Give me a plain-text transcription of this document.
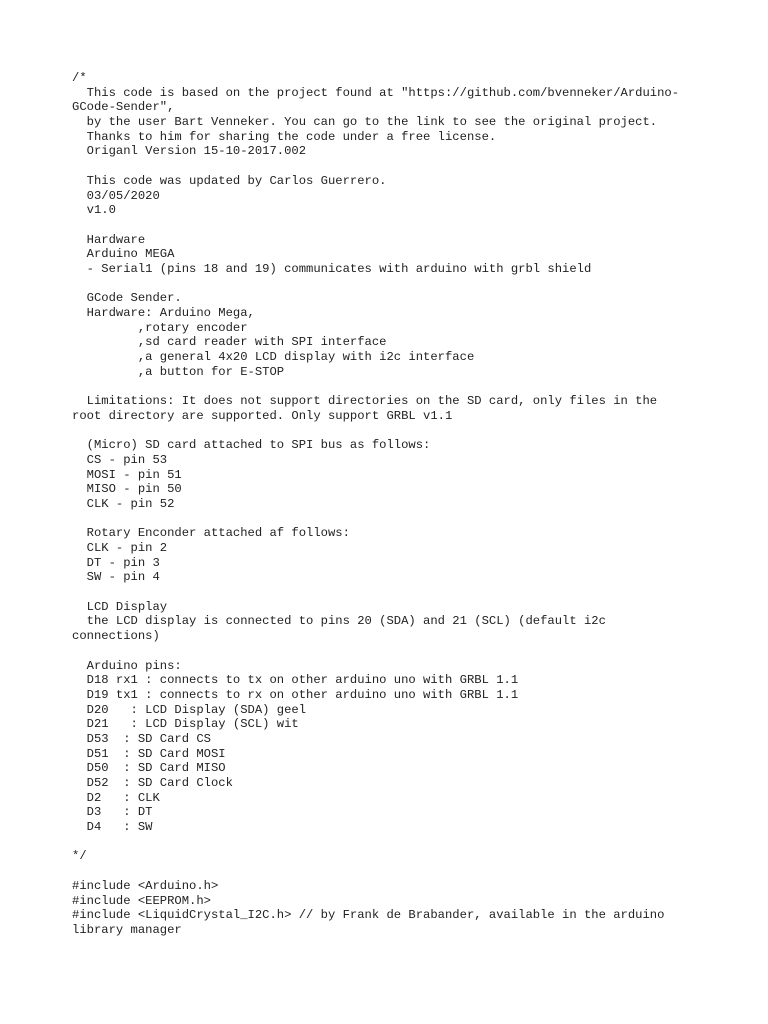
/*
This code is based on the project found at "https://github.com/bvenneker/Arduino-
GCode-Sender",
by the user Bart Venneker. You can go to the link to see the original project.
Thanks to him for sharing the code under a free license.
Origanl Version 15-10-2017.002
This code was updated by Carlos Guerrero.
03/05/2020
v1.0
Hardware
Arduino MEGA
- Serial1 (pins 18 and 19) communicates with arduino with grbl shield
GCode Sender.
Hardware: Arduino Mega,
,rotary encoder
,sd card reader with SPI interface
,a general 4x20 LCD display with i2c interface
,a button for E-STOP
Limitations: It does not support directories on the SD card, only files in the
root directory are supported. Only support GRBL v1.1
(Micro) SD card attached to SPI bus as follows:
CS - pin 53
MOSI - pin 51
MISO - pin 50
CLK - pin 52
Rotary Enconder attached af follows:
CLK - pin 2
DT - pin 3
SW - pin 4
LCD Display
the LCD display is connected to pins 20 (SDA) and 21 (SCL) (default i2c
connections)
Arduino pins:
D18 rx1 : connects to tx on other arduino uno with GRBL 1.1
D19 tx1 : connects to rx on other arduino uno with GRBL 1.1
D20   : LCD Display (SDA) geel
D21   : LCD Display (SCL) wit
D53  : SD Card CS
D51  : SD Card MOSI
D50  : SD Card MISO
D52  : SD Card Clock
D2   : CLK
D3   : DT
D4   : SW
*/
#include <Arduino.h>
#include <EEPROM.h>
#include <LiquidCrystal_I2C.h> // by Frank de Brabander, available in the arduino
library manager
